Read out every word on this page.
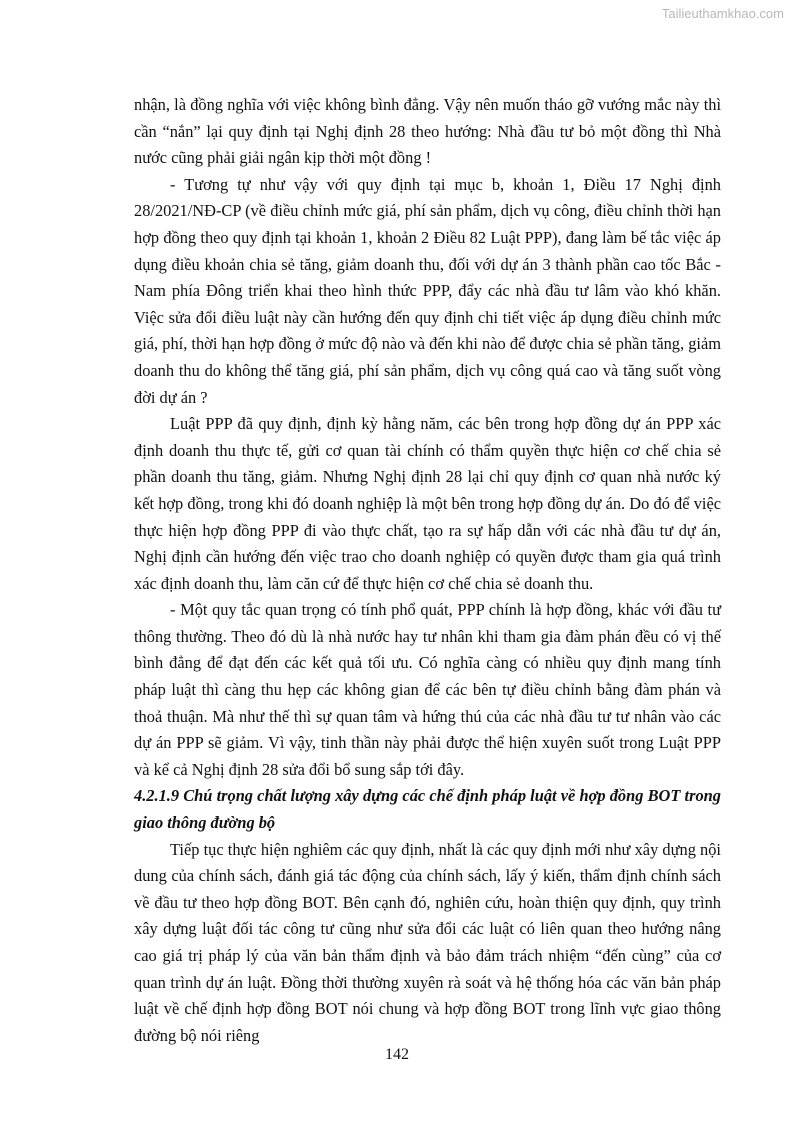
Tailieuthamkhao.com

nhận, là đồng nghĩa với việc không bình đẳng. Vậy nên muốn tháo gỡ vướng mắc này thì cần “nắn” lại quy định tại Nghị định 28 theo hướng: Nhà đầu tư bỏ một đồng thì Nhà nước cũng phải giải ngân kịp thời một đồng !

- Tương tự như vậy với quy định tại mục b, khoản 1, Điều 17 Nghị định 28/2021/NĐ-CP (về điều chỉnh mức giá, phí sản phẩm, dịch vụ công, điều chỉnh thời hạn hợp đồng theo quy định tại khoản 1, khoản 2 Điều 82 Luật PPP), đang làm bế tắc việc áp dụng điều khoản chia sẻ tăng, giảm doanh thu, đối với dự án 3 thành phần cao tốc Bắc - Nam phía Đông triển khai theo hình thức PPP, đẩy các nhà đầu tư lâm vào khó khăn. Việc sửa đổi điều luật này cần hướng đến quy định chi tiết việc áp dụng điều chỉnh mức giá, phí, thời hạn hợp đồng ở mức độ nào và đến khi nào để được chia sẻ phần tăng, giảm doanh thu do không thể tăng giá, phí sản phẩm, dịch vụ công quá cao và tăng suốt vòng đời dự án ?

Luật PPP đã quy định, định kỳ hằng năm, các bên trong hợp đồng dự án PPP xác định doanh thu thực tế, gửi cơ quan tài chính có thẩm quyền thực hiện cơ chế chia sẻ phần doanh thu tăng, giảm. Nhưng Nghị định 28 lại chỉ quy định cơ quan nhà nước ký kết hợp đồng, trong khi đó doanh nghiệp là một bên trong hợp đồng dự án. Do đó để việc thực hiện hợp đồng PPP đi vào thực chất, tạo ra sự hấp dẫn với các nhà đầu tư dự án, Nghị định cần hướng đến việc trao cho doanh nghiệp có quyền được tham gia quá trình xác định doanh thu, làm căn cứ để thực hiện cơ chế chia sẻ doanh thu.

- Một quy tắc quan trọng có tính phổ quát, PPP chính là hợp đồng, khác với đầu tư thông thường. Theo đó dù là nhà nước hay tư nhân khi tham gia đàm phán đều có vị thế bình đẳng để đạt đến các kết quả tối ưu. Có nghĩa càng có nhiều quy định mang tính pháp luật thì càng thu hẹp các không gian để các bên tự điều chỉnh bằng đàm phán và thoả thuận. Mà như thế thì sự quan tâm và hứng thú của các nhà đầu tư tư nhân vào các dự án PPP sẽ giảm. Vì vậy, tinh thần này phải được thể hiện xuyên suốt trong Luật PPP và kể cả Nghị định 28 sửa đổi bổ sung sắp tới đây.

4.2.1.9 Chú trọng chất lượng xây dựng các chế định pháp luật về hợp đồng BOT trong giao thông đường bộ

Tiếp tục thực hiện nghiêm các quy định, nhất là các quy định mới như xây dựng nội dung của chính sách, đánh giá tác động của chính sách, lấy ý kiến, thẩm định chính sách về đầu tư theo hợp đồng BOT. Bên cạnh đó, nghiên cứu, hoàn thiện quy định, quy trình xây dựng luật đối tác công tư cũng như sửa đổi các luật có liên quan theo hướng nâng cao giá trị pháp lý của văn bản thẩm định và bảo đảm trách nhiệm “đến cùng” của cơ quan trình dự án luật. Đồng thời thường xuyên rà soát và hệ thống hóa các văn bản pháp luật về chế định hợp đồng BOT nói chung và hợp đồng BOT trong lĩnh vực giao thông đường bộ nói riêng

142
